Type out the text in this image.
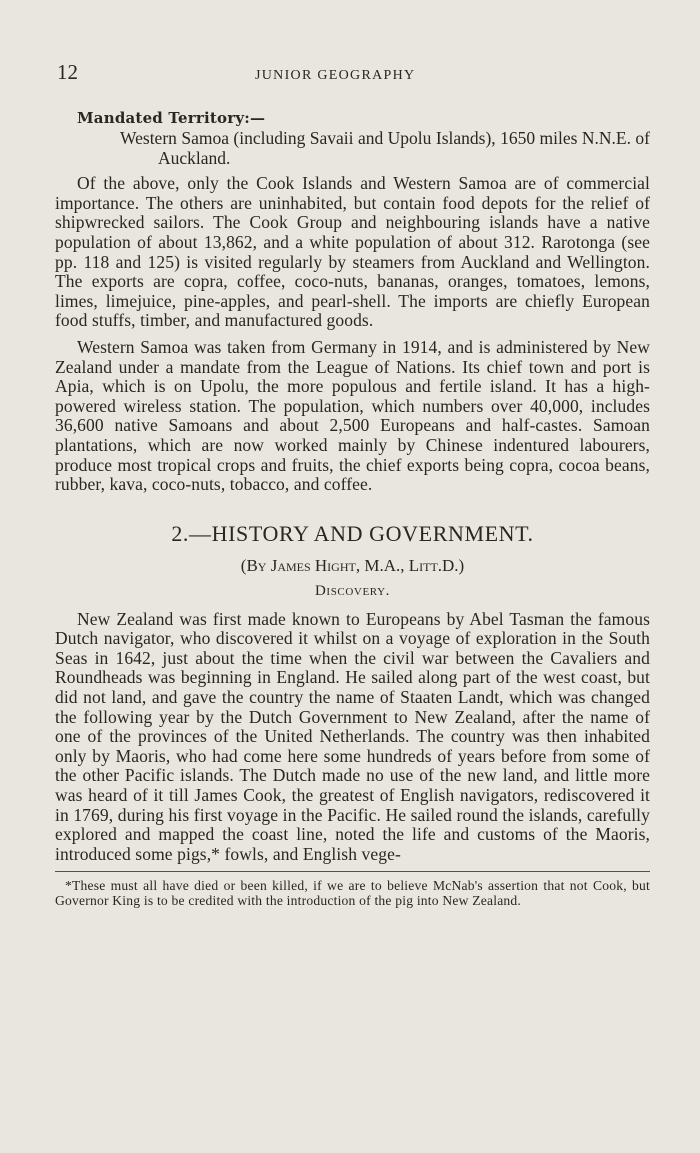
12	JUNIOR GEOGRAPHY
Mandated Territory:—
Western Samoa (including Savaii and Upolu Islands), 1650 miles N.N.E. of Auckland.

Of the above, only the Cook Islands and Western Samoa are of commercial importance. The others are uninhabited, but contain food depots for the relief of shipwrecked sailors. The Cook Group and neighbouring islands have a native population of about 13,862, and a white population of about 312. Rarotonga (see pp. 118 and 125) is visited regularly by steamers from Auckland and Wellington. The exports are copra, coffee, coco-nuts, bananas, oranges, tomatoes, lemons, limes, limejuice, pine-apples, and pearl-shell. The imports are chiefly European food stuffs, timber, and manufactured goods.

Western Samoa was taken from Germany in 1914, and is administered by New Zealand under a mandate from the League of Nations. Its chief town and port is Apia, which is on Upolu, the more populous and fertile island. It has a high-powered wireless station. The population, which numbers over 40,000, includes 36,600 native Samoans and about 2,500 Europeans and half-castes. Samoan plantations, which are now worked mainly by Chinese indentured labourers, produce most tropical crops and fruits, the chief exports being copra, cocoa beans, rubber, kava, coco-nuts, tobacco, and coffee.

2.—HISTORY AND GOVERNMENT.
(By James Hight, M.A., Litt.D.)
Discovery.

New Zealand was first made known to Europeans by Abel Tasman the famous Dutch navigator, who discovered it whilst on a voyage of exploration in the South Seas in 1642, just about the time when the civil war between the Cavaliers and Roundheads was beginning in England. He sailed along part of the west coast, but did not land, and gave the country the name of Staaten Landt, which was changed the following year by the Dutch Government to New Zealand, after the name of one of the provinces of the United Netherlands. The country was then inhabited only by Maoris, who had come here some hundreds of years before from some of the other Pacific islands. The Dutch made no use of the new land, and little more was heard of it till James Cook, the greatest of English navigators, rediscovered it in 1769, during his first voyage in the Pacific. He sailed round the islands, carefully explored and mapped the coast line, noted the life and customs of the Maoris, introduced some pigs,* fowls, and English vege-

*These must all have died or been killed, if we are to believe McNab's assertion that not Cook, but Governor King is to be credited with the introduction of the pig into New Zealand.
